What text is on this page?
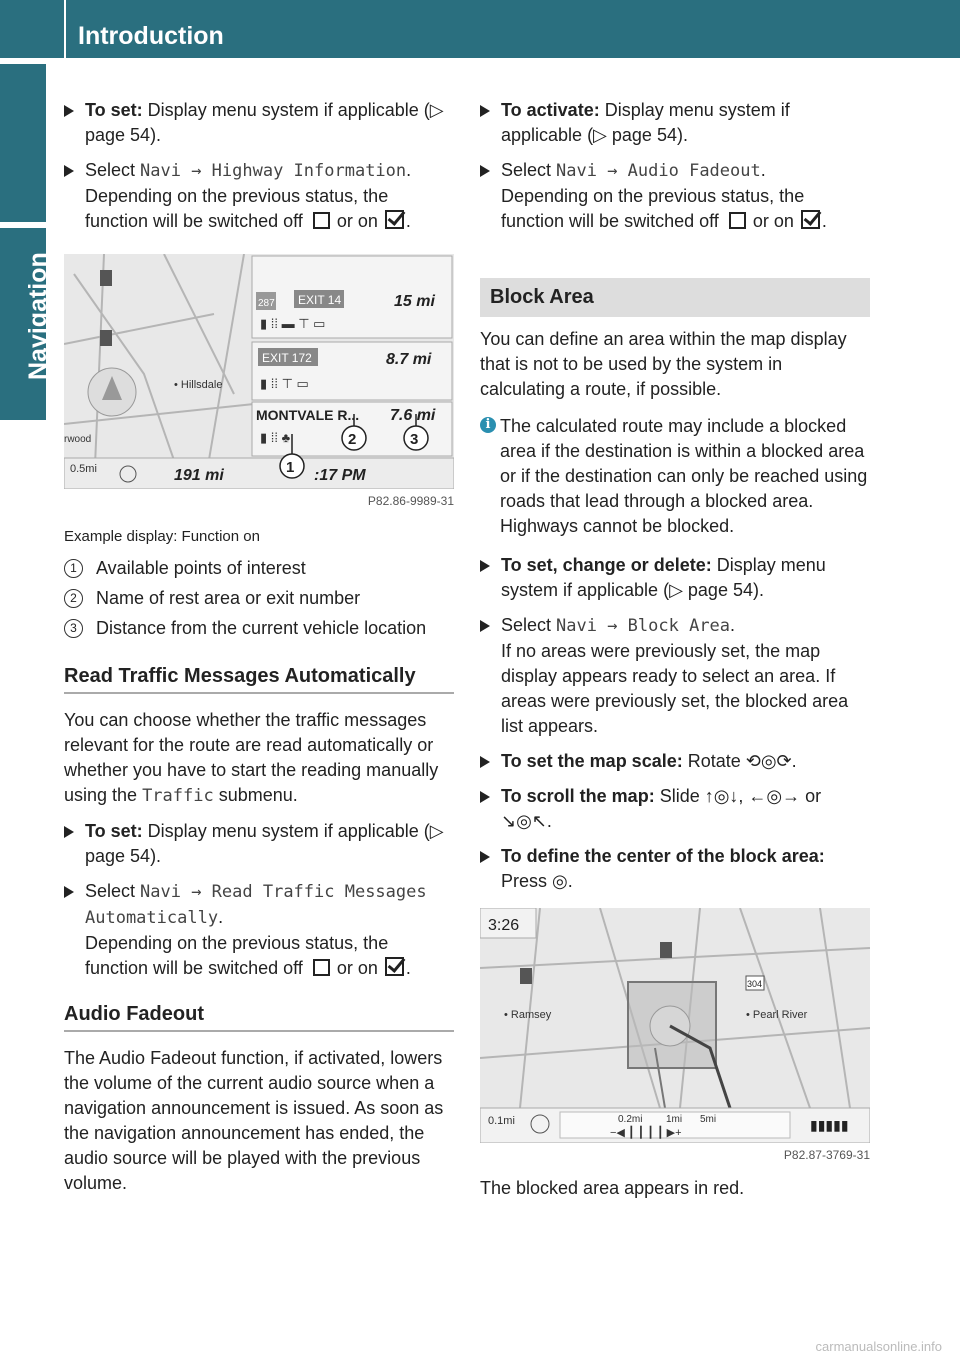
Introduction
Navigation
To set: Display menu system if applicable (▷ page 54).
Select Navi → Highway Information.
Depending on the previous status, the function will be switched off or on .
• Hillsdale
rwood
287 EXIT 14	15 mi
▮ ⁞⁞ ▬ ⊤ ▭
EXIT 172	8.7 mi
▮ ⁞⁞ ⊤ ▭
MONTVALE R... 7.6 mi
▮ ⁞⁞ ♣
0.5mi	191 mi	:17 PM
1
2	3
P82.86-9989-31
Example display: Function on
1	Available points of interest
2	Name of rest area or exit number
3	Distance from the current vehicle location
Read Traffic Messages Automatically

You can choose whether the traffic messages relevant for the route are read automatically or whether you have to start the reading manually using the Traffic submenu.

To set: Display menu system if applicable (▷ page 54).
Select Navi → Read Traffic Messages Automatically.
Depending on the previous status, the function will be switched off or on .
Audio Fadeout

The Audio Fadeout function, if activated, lowers the volume of the current audio source when a navigation announcement is issued. As soon as the navigation announcement has ended, the audio source will be played with the previous volume.

To activate: Display menu system if applicable (▷ page 54).
Select Navi → Audio Fadeout.
Depending on the previous status, the function will be switched off or on .
Block Area

You can define an area within the map display that is not to be used by the system in calculating a route, if possible.

i The calculated route may include a blocked area if the destination is within a blocked area or if the destination can only be reached using roads that lead through a blocked area. Highways cannot be blocked.
To set, change or delete: Display menu system if applicable (▷ page 54).
Select Navi → Block Area.
If no areas were previously set, the map display appears ready to select an area. If areas were previously set, the blocked area list appears.
To set the map scale: Rotate ⟲◎⟳.
To scroll the map: Slide ↑◎↓, ←◎→ or ↘◎↖.
To define the center of the block area: Press ◎.
3:26
• Ramsey	• Pearl River
304
0.1mi	0.2mi 1mi 5mi
−◀ ┃ ┃ ┃ ┃ ▶+	▮▮▮▮▮
P82.87-3769-31

The blocked area appears in red.

carmanualsonline.info
